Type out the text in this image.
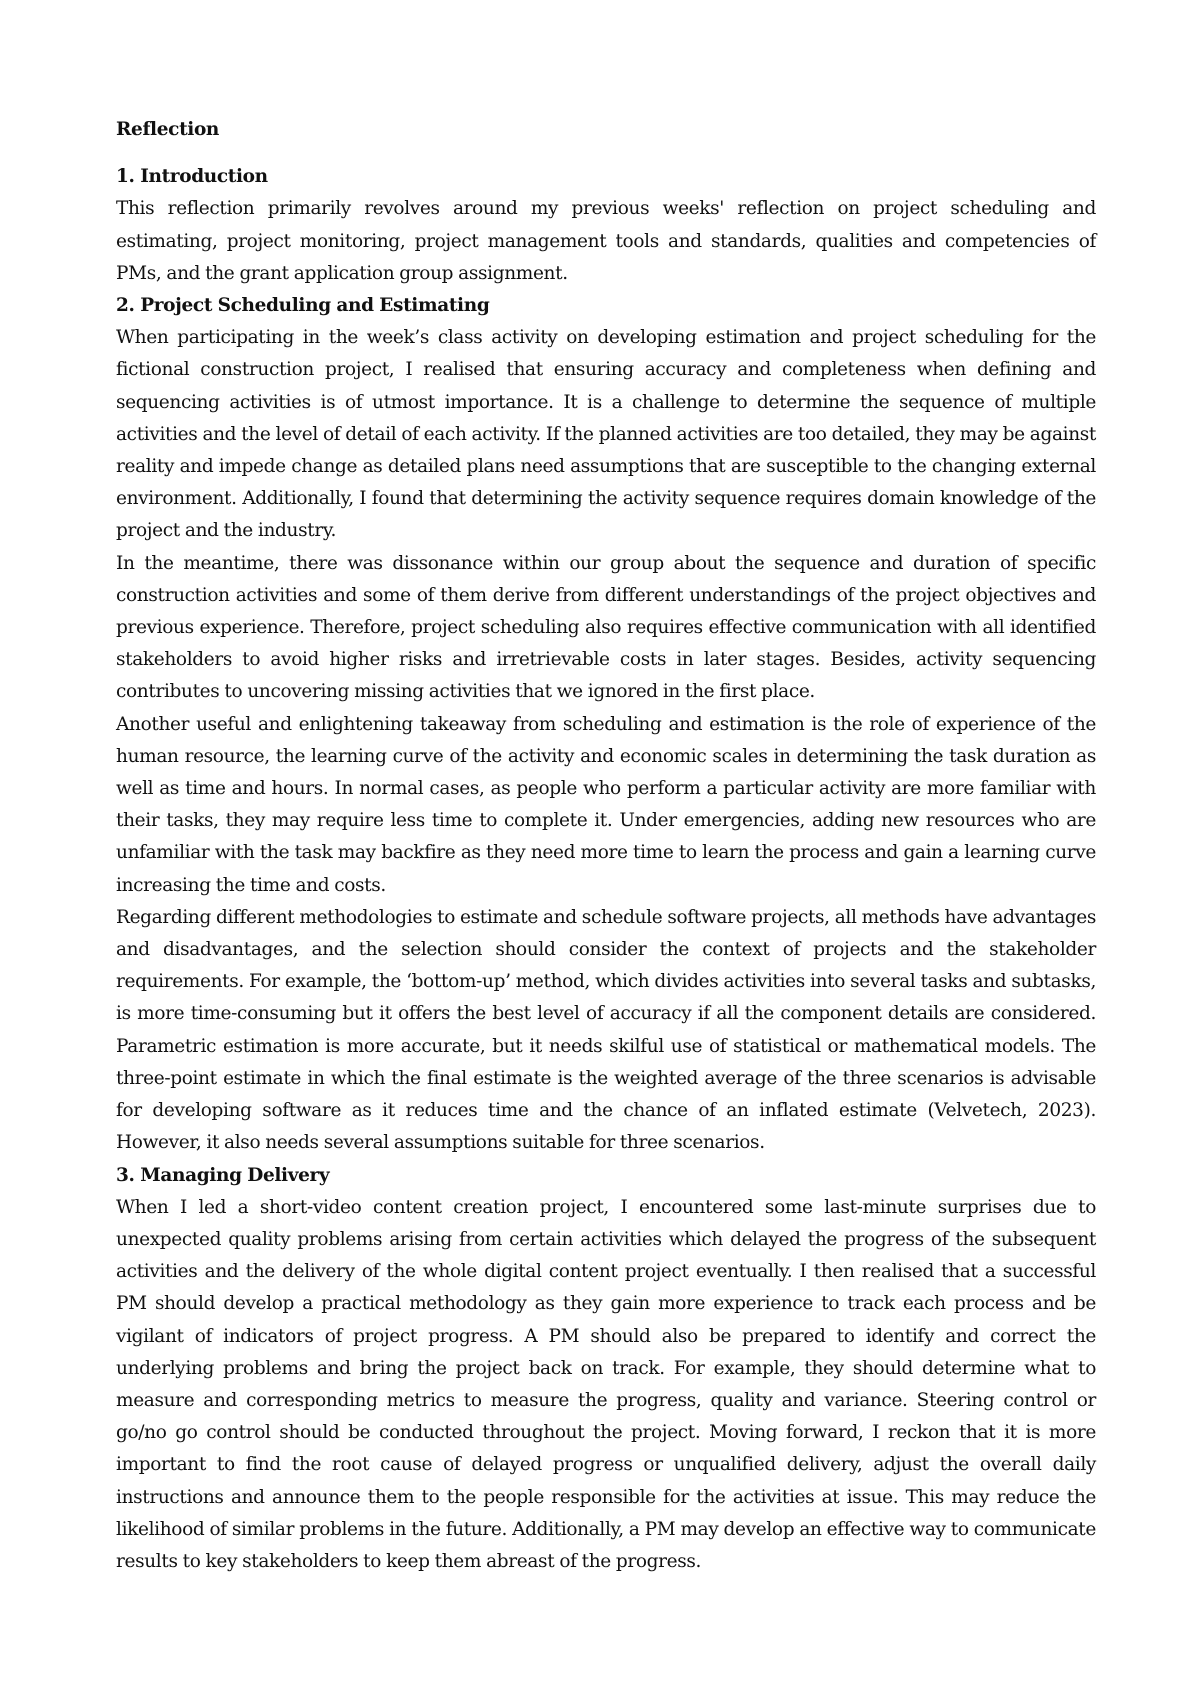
Reflection

1. Introduction

This reflection primarily revolves around my previous weeks' reflection on project scheduling and estimating, project monitoring, project management tools and standards, qualities and competencies of PMs, and the grant application group assignment.

2. Project Scheduling and Estimating

When participating in the week’s class activity on developing estimation and project scheduling for the fictional construction project, I realised that ensuring accuracy and completeness when defining and sequencing activities is of utmost importance. It is a challenge to determine the sequence of multiple activities and the level of detail of each activity. If the planned activities are too detailed, they may be against reality and impede change as detailed plans need assumptions that are susceptible to the changing external environment. Additionally, I found that determining the activity sequence requires domain knowledge of the project and the industry.

In the meantime, there was dissonance within our group about the sequence and duration of specific construction activities and some of them derive from different understandings of the project objectives and previous experience. Therefore, project scheduling also requires effective communication with all identified stakeholders to avoid higher risks and irretrievable costs in later stages. Besides, activity sequencing contributes to uncovering missing activities that we ignored in the first place.

Another useful and enlightening takeaway from scheduling and estimation is the role of experience of the human resource, the learning curve of the activity and economic scales in determining the task duration as well as time and hours. In normal cases, as people who perform a particular activity are more familiar with their tasks, they may require less time to complete it. Under emergencies, adding new resources who are unfamiliar with the task may backfire as they need more time to learn the process and gain a learning curve increasing the time and costs.

Regarding different methodologies to estimate and schedule software projects, all methods have advantages and disadvantages, and the selection should consider the context of projects and the stakeholder requirements. For example, the ‘bottom-up’ method, which divides activities into several tasks and subtasks, is more time-consuming but it offers the best level of accuracy if all the component details are considered. Parametric estimation is more accurate, but it needs skilful use of statistical or mathematical models. The three-point estimate in which the final estimate is the weighted average of the three scenarios is advisable for developing software as it reduces time and the chance of an inflated estimate (Velvetech, 2023). However, it also needs several assumptions suitable for three scenarios.

3. Managing Delivery

When I led a short-video content creation project, I encountered some last-minute surprises due to unexpected quality problems arising from certain activities which delayed the progress of the subsequent activities and the delivery of the whole digital content project eventually. I then realised that a successful PM should develop a practical methodology as they gain more experience to track each process and be vigilant of indicators of project progress. A PM should also be prepared to identify and correct the underlying problems and bring the project back on track. For example, they should determine what to measure and corresponding metrics to measure the progress, quality and variance. Steering control or go/no go control should be conducted throughout the project. Moving forward, I reckon that it is more important to find the root cause of delayed progress or unqualified delivery, adjust the overall daily instructions and announce them to the people responsible for the activities at issue. This may reduce the likelihood of similar problems in the future. Additionally, a PM may develop an effective way to communicate results to key stakeholders to keep them abreast of the progress.
